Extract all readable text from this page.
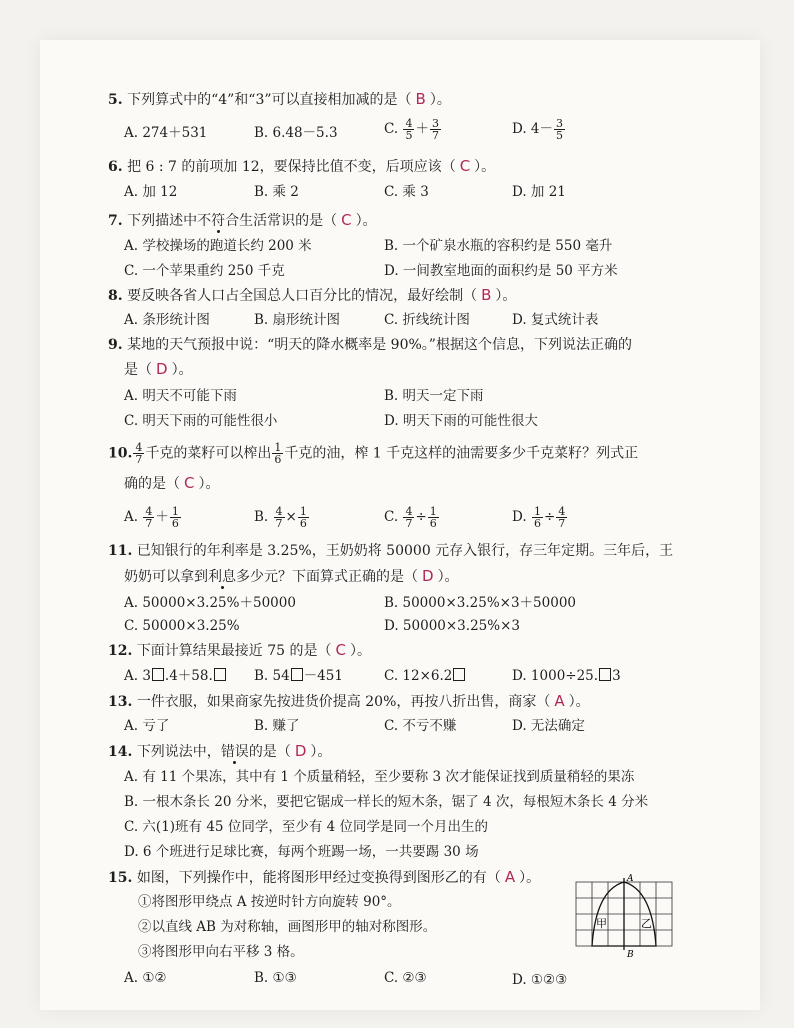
5. 下列算式中的“4”和“3”可以直接相加减的是（ B ）。
A. 274＋531	B. 6.48－5.3	C. $\frac{4}{5} + \frac{3}{7}$	D. $4- \frac{3}{5}$
6. 把 6 : 7 的前项加 12，要保持比值不变，后项应该（ C ）。
A. 加 12	B. 乘 2	C. 乘 3	D. 加 21
7. 下列描述中不符合生活常识的是（ C ）。
A. 学校操场的跑道长约 200 米	B. 一个矿泉水瓶的容积约是 550 毫升
C. 一个苹果重约 250 千克	D. 一间教室地面的面积约是 50 平方米
8. 要反映各省人口占全国总人口百分比的情况，最好绘制（ B ）。
A. 条形统计图	B. 扇形统计图	C. 折线统计图	D. 复式统计表
9. 某地的天气预报中说：“明天的降水概率是 90%。”根据这个信息，下列说法正确的
是（ D ）。
A. 明天不可能下雨	B. 明天一定下雨
C. 明天下雨的可能性很小	D. 明天下雨的可能性很大
10. $\frac{4}{7}$ 千克的菜籽可以榨出 $\frac{1}{6}$ 千克的油，榨 1 千克这样的油需要多少千克菜籽？列式正
确的是（ C ）。
A. $\frac{4}{7} + \frac{1}{6}$	B. $\frac{4}{7} \times \frac{1}{6}$	C. $\frac{4}{7} \div \frac{1}{6}$	D. $\frac{1}{6} \div \frac{4}{7}$
11. 已知银行的年利率是 3.25%，王奶奶将 50000 元存入银行，存三年定期。三年后，王
奶奶可以拿到利息多少元？下面算式正确的是（ D ）。
A. 50000×3.25%＋50000	B. 50000×3.25%×3＋50000
C. 50000×3.25%	D. 50000×3.25%×3
12. 下面计算结果最接近 75 的是（ C ）。
A. 3 .4＋58.	B. 54 －451	C. 12×6.2	D. 1000÷25. 3
13. 一件衣服，如果商家先按进货价提高 20%，再按八折出售，商家（ A ）。
A. 亏了	B. 赚了	C. 不亏不赚	D. 无法确定
14. 下列说法中，错误的是（ D ）。
A. 有 11 个果冻，其中有 1 个质量稍轻，至少要称 3 次才能保证找到质量稍轻的果冻
B. 一根木条长 20 分米，要把它锯成一样长的短木条，锯了 4 次，每根短木条长 4 分米
C. 六(1)班有 45 位同学，至少有 4 位同学是同一个月出生的
D. 6 个班进行足球比赛，每两个班踢一场，一共要踢 30 场
15. 如图，下列操作中，能将图形甲经过变换得到图形乙的有（ A ）。
①将图形甲绕点 A 按逆时针方向旋转 90°。
②以直线 AB 为对称轴，画图形甲的轴对称图形。
③将图形甲向右平移 3 格。
A. ①②	B. ①③	C. ②③	D. ①②③
A
B
甲	乙
